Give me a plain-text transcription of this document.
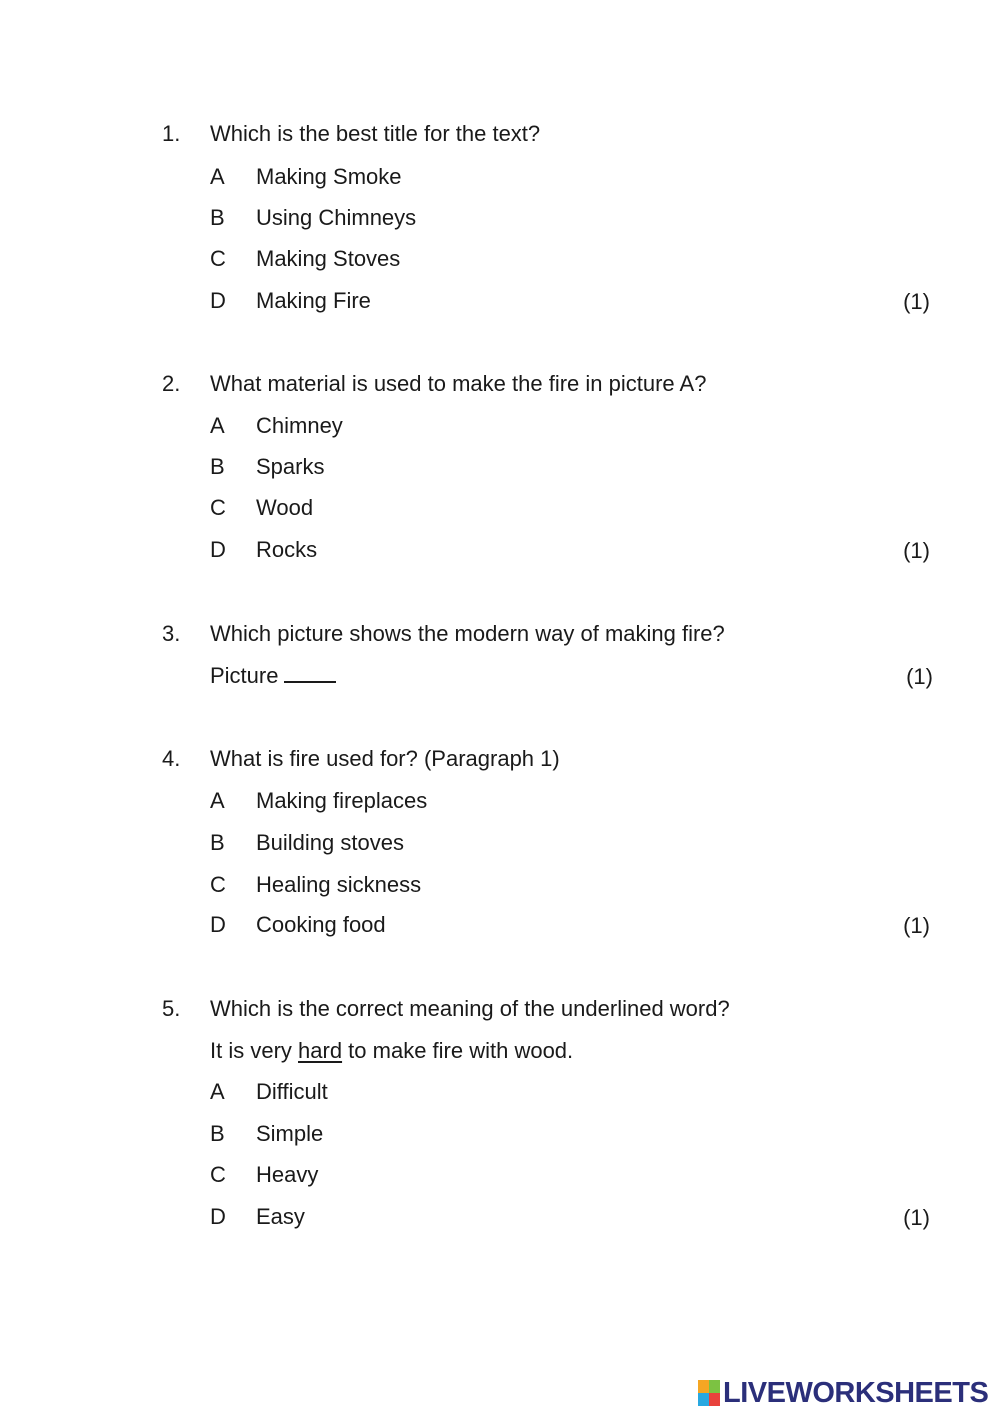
1. Which is the best title for the text?
A Making Smoke
B Using Chimneys
C Making Stoves
D Making Fire	(1)
2. What material is used to make the fire in picture A?
A Chimney
B Sparks
C Wood
D Rocks	(1)
3. Which picture shows the modern way of making fire?
Picture	(1)
4. What is fire used for? (Paragraph 1)
A Making fireplaces
B Building stoves
C Healing sickness
D Cooking food	(1)
5. Which is the correct meaning of the underlined word?
It is very hard to make fire with wood.
A Difficult
B Simple
C Heavy
D Easy	(1)
LIVEWORKSHEETS
